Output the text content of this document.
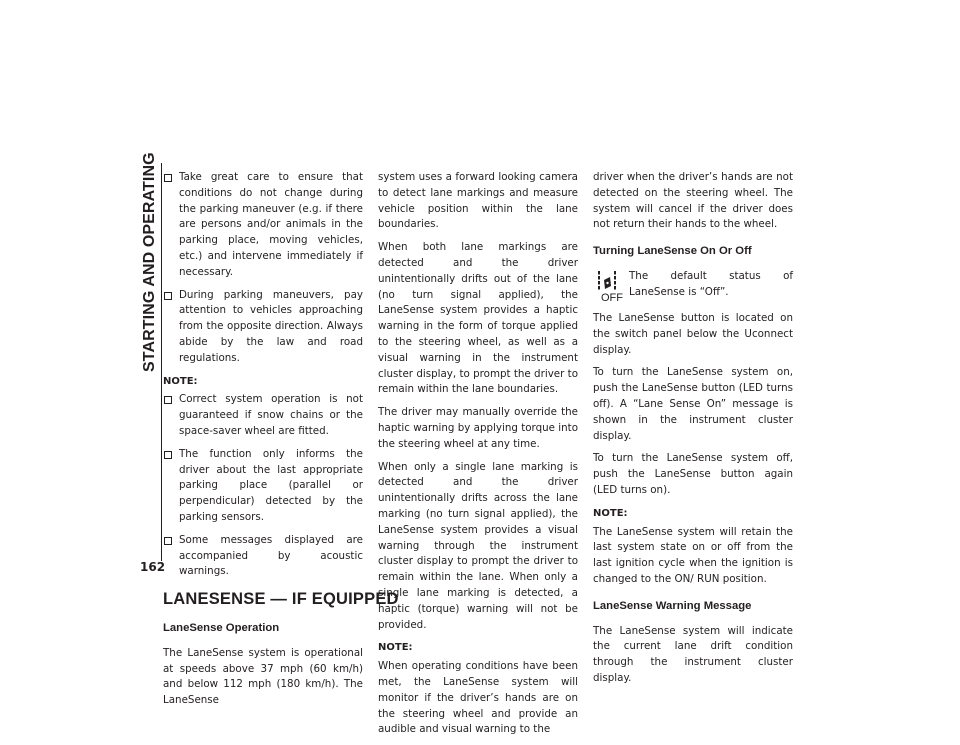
STARTING AND OPERATING
162
Take great care to ensure that conditions do not change during the parking maneuver (e.g. if there are persons and/or animals in the parking place, moving vehicles, etc.) and intervene immediately if necessary.
During parking maneuvers, pay attention to vehicles approaching from the opposite direction. Always abide by the law and road regulations.
NOTE:
Correct system operation is not guaranteed if snow chains or the space-saver wheel are fitted.
The function only informs the driver about the last appropriate parking place (parallel or perpendicular) detected by the parking sensors.
Some messages displayed are accompanied by acoustic warnings.
LANESENSE — IF EQUIPPED
LaneSense Operation

The LaneSense system is operational at speeds above 37 mph (60 km/h) and below 112 mph (180 km/h). The LaneSense

system uses a forward looking camera to detect lane markings and measure vehicle position within the lane boundaries.

When both lane markings are detected and the driver unintentionally drifts out of the lane (no turn signal applied), the LaneSense system provides a haptic warning in the form of torque applied to the steering wheel, as well as a visual warning in the instrument cluster display, to prompt the driver to remain within the lane boundaries.

The driver may manually override the haptic warning by applying torque into the steering wheel at any time.

When only a single lane marking is detected and the driver unintentionally drifts across the lane marking (no turn signal applied), the LaneSense system provides a visual warning through the instrument cluster display to prompt the driver to remain within the lane. When only a single lane marking is detected, a haptic (torque) warning will not be provided.

NOTE:

When operating conditions have been met, the LaneSense system will monitor if the driver’s hands are on the steering wheel and provide an audible and visual warning to the

driver when the driver’s hands are not detected on the steering wheel. The system will cancel if the driver does not return their hands to the wheel.

Turning LaneSense On Or Off
OFF
The default status of LaneSense is “Off”.

The LaneSense button is located on the switch panel below the Uconnect display.

To turn the LaneSense system on, push the LaneSense button (LED turns off). A “Lane Sense On” message is shown in the instrument cluster display.

To turn the LaneSense system off, push the LaneSense button again (LED turns on).

NOTE:

The LaneSense system will retain the last system state on or off from the last ignition cycle when the ignition is changed to the ON/ RUN position.

LaneSense Warning Message

The LaneSense system will indicate the current lane drift condition through the instrument cluster display.
